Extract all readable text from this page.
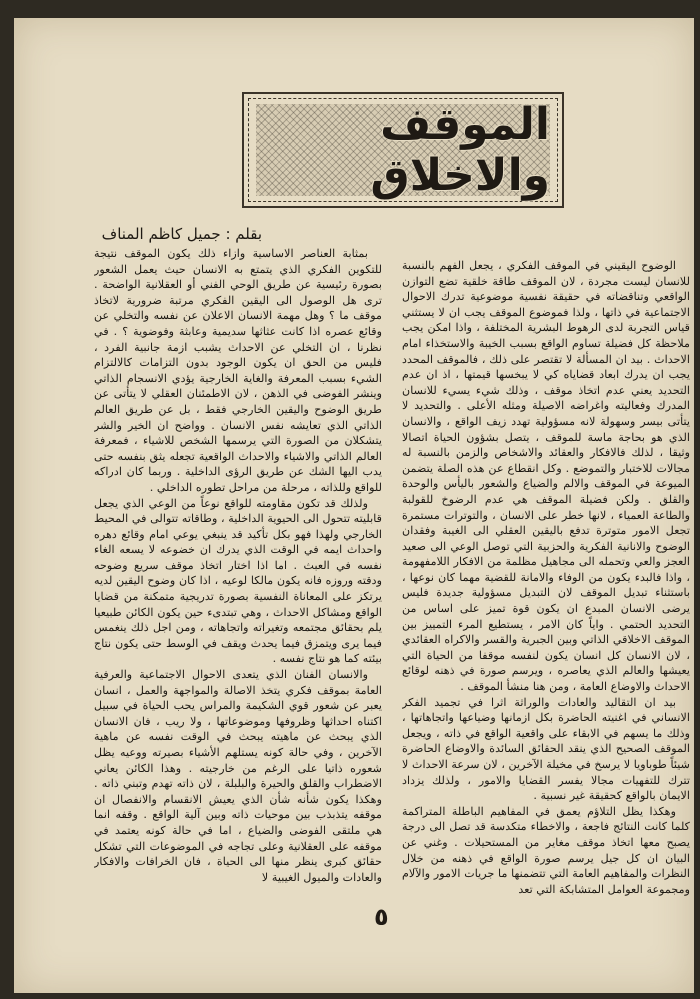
الموقف والاخلاق
بقلم : جميل كاظم المناف

الوضوح اليقيني في الموقف الفكري ، يجعل الفهم بالنسبة للانسان ليست مجردة ، لان الموقف طاقة خلقية تضع التوازن الواقعي وتناقضاته في حقيقة نفسية موضوعية تدرك الاحوال الاجتماعية في ذاتها ، ولذا فموضوع الموقف يجب ان لا يستثني قياس التجربة لدى الرهوط البشرية المختلفة ، واذا امكن يجب ملاحظة كل فضيلة تساوم الواقع بسبب الخيبة والاستخذاء امام الاحداث . بيد ان المسألة لا تقتصر على ذلك ، فالموقف المحدد يجب ان يدرك ابعاد قضاياه كي لا يبخسها قيمتها ، اذ ان عدم التحديد يعني عدم اتخاذ موقف ، وذلك شيء يسيء للانسان المدرك وفعاليته واغراضه الاصيلة ومثله الأعلى . والتحديد لا يتأتى بيسر وسهولة لانه مسؤولية تهدد زيف الواقع ، والانسان الذي هو بحاجة ماسة للموقف ، يتصل بشؤون الحياة اتصالا وثيقا ، لذلك فالافكار والعقائد والاشخاص والزمن بالنسبة له مجالات للاختبار والتموضع . وكل انقطاع عن هذه الصلة يتضمن الميوعة في الموقف والالم والضياع والشعور باليأس والوحدة والقلق . ولكن فضيلة الموقف هي عدم الرضوخ للقولبة والطاعة العمياء ، لانها خطر على الانسان ، والتوترات مستمرة تجعل الامور متوترة تدفع باليقين العقلي الى الغيبة وفقدان الوضوح والانانية الفكرية والحزبية التي توصل الوعي الى صعيد العجز والعي وتحمله الى مجاهيل مظلمة من الافكار اللامفهومة ، واذا فالبدء يكون من الوفاء والامانة للقضية مهما كان نوعها ، باستثناء تبديل الموقف لان التبديل مسؤولية جديدة فليس يرضى الانسان المبدع ان يكون قوة تميز على اساس من التحديد الحتمي . واياً كان الامر ، يستطيع المرء التمييز بين الموقف الاخلاقي الذاتي وبين الجبرية والقسر والاكراه العقائدي ، لان الانسان كل انسان يكون لنفسه موقفا من الحياة التي يعيشها والعالم الذي يعاصره ، ويرسم صورة في ذهنه لوقائع الاحداث والاوضاع العامة ، ومن هنا منشأ الموقف .

بيد ان التقاليد والعادات والوراثة اثرا في تجميد الفكر الانساني في اغنيته الحاضرة بكل ازمانها وضياعها واتجاهاتها ، وذلك ما يسهم في الابقاء على واقعية الواقع في ذاته ، ويجعل الموقف الصحيح الذي ينقد الحقائق السائدة والاوضاع الحاضرة شيئاً طوباويا لا يرسخ في مخيلة الآخرين ، لان سرعة الاحداث لا تترك للتفهيات مجالا يفسر القضايا والامور ، ولذلك يزداد الايمان بالواقع كحقيقة غير نسبية .

وهكذا يظل التلاؤم يعمق في المفاهيم الباطلة المتراكمة كلما كانت النتائج فاجعة ، والاخطاء متكدسة قد تصل الى درجة يصبح معها اتخاذ موقف مغاير من المستحيلات . وغني عن البيان ان كل جيل يرسم صورة الواقع في ذهنه من خلال النظرات والمفاهيم العامة التي تتضمنها ما جريات الامور والآلام ومجموعة العوامل المتشابكة التي تعد

بمثابة العناصر الاساسية وازاء ذلك يكون الموقف نتيجة للتكوين الفكري الذي يتمتع به الانسان حيث يعمل الشعور بصورة رئيسية عن طريق الوحي الفني أو العقلانية الواضحة . ترى هل الوصول الى اليقين الفكري مرتبة ضرورية لاتخاذ موقف ما ؟ وهل مهمة الانسان الاعلان عن نفسه والتخلي عن وقائع عصره اذا كانت عثاثها سديمية وعابثة وفوضوية ؟ . في نظرنا ، ان التخلي عن الاحداث يشبب ازمة جانبية الفرد ، فليس من الحق ان يكون الوجود بدون التزامات كالالتزام الشيء بسبب المعرفة والغاية الخارجية يؤدي الانسجام الذاتي وينشر الفوضى في الذهن ، لان الاطمئنان العقلي لا يتأتى عن طريق الوضوح واليقين الخارجي فقط ، بل عن طريق العالم الذاتي الذي تعايشه نفس الانسان . وواضح ان الخير والشر يتشكلان من الصورة التي يرسمها الشخص للاشياء ، فمعرفة العالم الذاتي والاشياء والاحداث الواقعية تجعله يثق بنفسه حتى يدب اليها الشك عن طريق الرؤى الداخلية . وربما كان ادراكه للواقع وللذاته ، مرحلة من مراحل تطوره الداخلي .

ولذلك قد تكون مقاومته للواقع نوعاً من الوعي الذي يجعل قابليته تتحول الى الحيوية الداخلية ، وطاقاته تتوالى في المحيط الخارجي ولهذا فهو بكل تأكيد قد ينبغي يوعي امام وقائع دهره واحداث ايمه في الوقت الذي يدرك ان خضوعه لا يسعه الغاء نفسه في العبث . اما اذا اختار اتخاذ موقف سريع وضوحه ودقته وروزه فانه يكون مالكا لوعيه ، اذا كان وضوح اليقين لديه يرتكز على المعاناة النفسية بصورة تدريجية متمكنة من قضايا الواقع ومشاكل الاحداث ، وهي تبتدىء حين يكون الكائن طبيعيا يلم بحقائق مجتمعه وتغيراته واتجاهاته ، ومن اجل ذلك ينغمس فيما يرى ويتمزق فيما يحدث ويقف في الوسط حتى يكون نتاج بيئته كما هو نتاج نفسه .

والانسان الفنان الذي يتعدى الاحوال الاجتماعية والعرفية العامة بموقف فكري يتخذ الاصالة والمواجهة والعمل ، انسان يعبر عن شعور قوي الشكيمة والمراس يحب الحياة في سبيل اكتناه احداثها وظروفها وموضوعاتها ، ولا ريب ، فان الانسان الذي يبحث عن ماهيته يبحث في الوقت نفسه عن ماهية الآخرين ، وفي حالة كونه يستلهم الأشياء بصيرته ووعيه يظل شعوره ذاتيا على الرغم من خارجيته . وهذا الكائن يعاني الاضطراب والقلق والحيرة والبلبلة ، لان ذاته تهدم وتبني ذاته . وهكذا يكون شأنه شأن الذي يعيش الانقسام والانفصال ان موقفه يتذبذب بين موحيات ذاته وبين آلية الواقع . وقفه انما هي ملتقى الفوضى والضياع ، اما في حالة كونه يعتمد في موقفه على العقلانية وعلى تجاجه في الموضوعات التي تشكل حقائق كبرى ينظر منها الى الحياة ، فان الخرافات والافكار والعادات والميول الغيبية لا

٥
